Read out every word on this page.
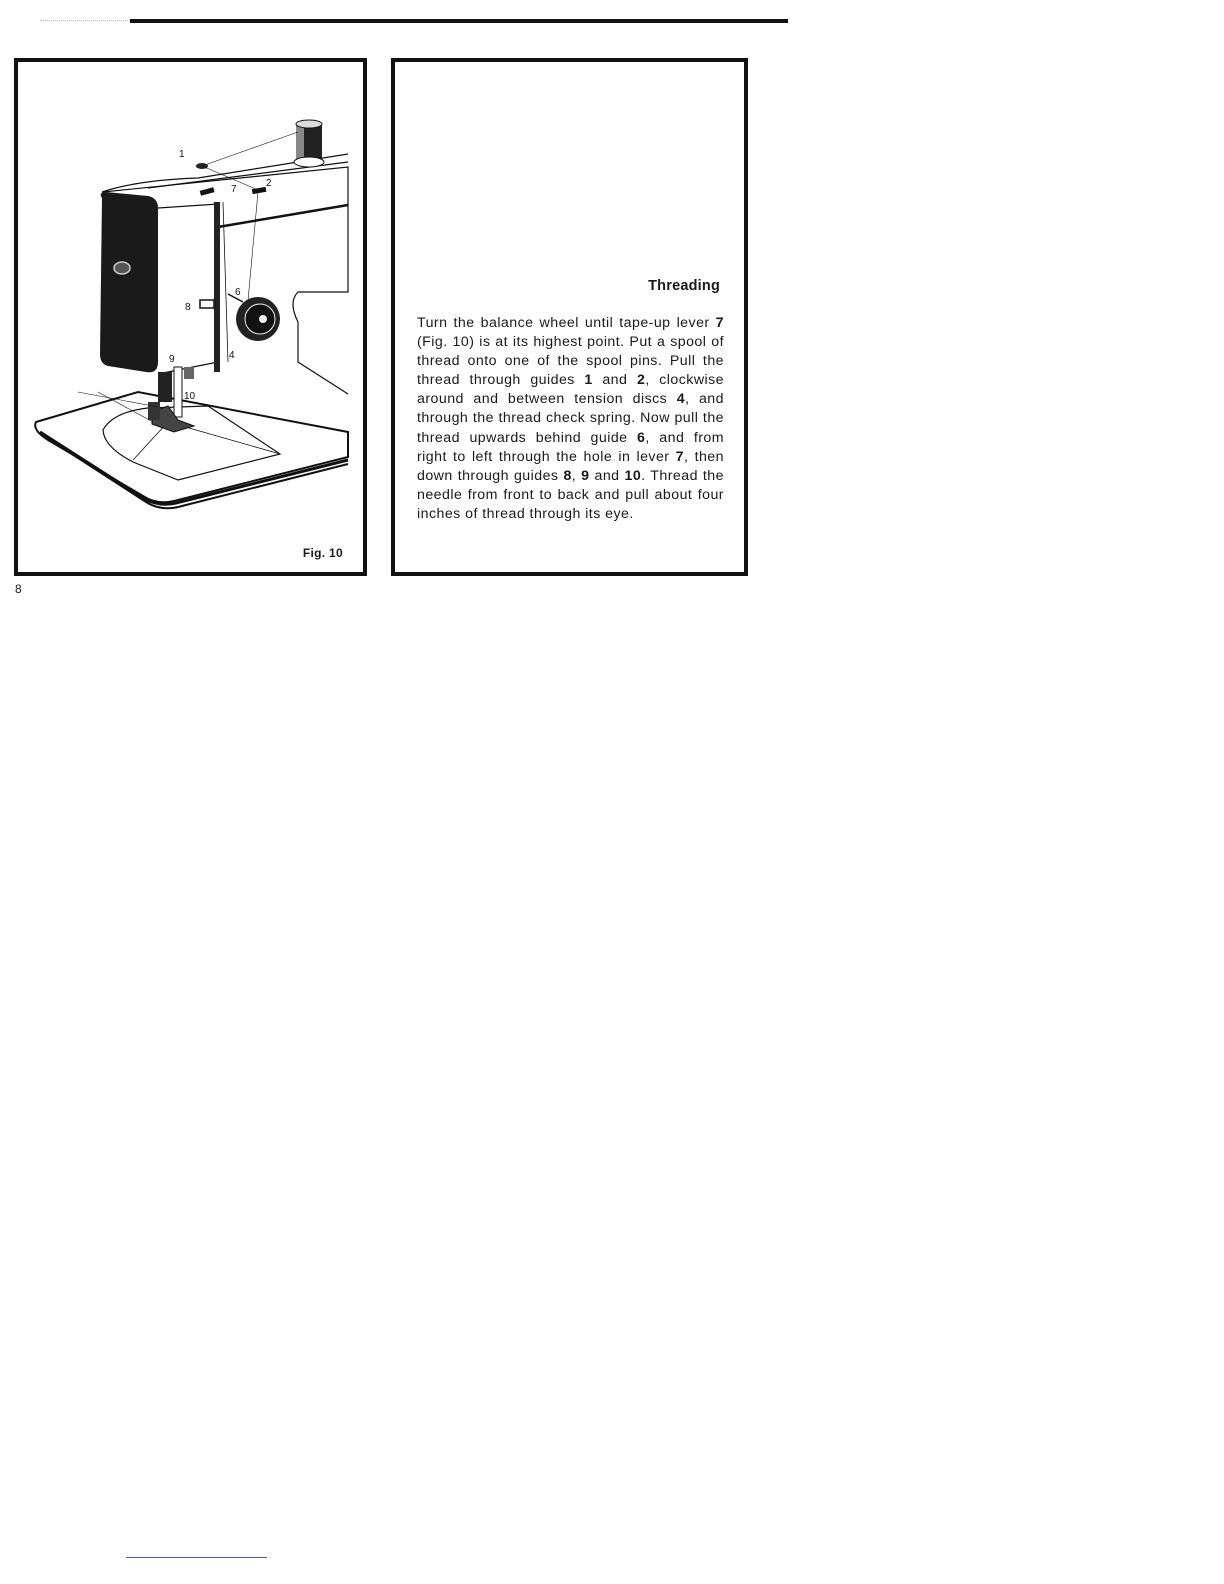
1
7
2
6
8
4
9
10
Fig. 10
Threading

Turn the balance wheel until tape-up lever 7 (Fig. 10) is at its highest point. Put a spool of thread onto one of the spool pins. Pull the thread through guides 1 and 2, clockwise around and between tension discs 4, and through the thread check spring. Now pull the thread upwards behind guide 6, and from right to left through the hole in lever 7, then down through guides 8, 9 and 10. Thread the needle from front to back and pull about four inches of thread through its eye.

8
